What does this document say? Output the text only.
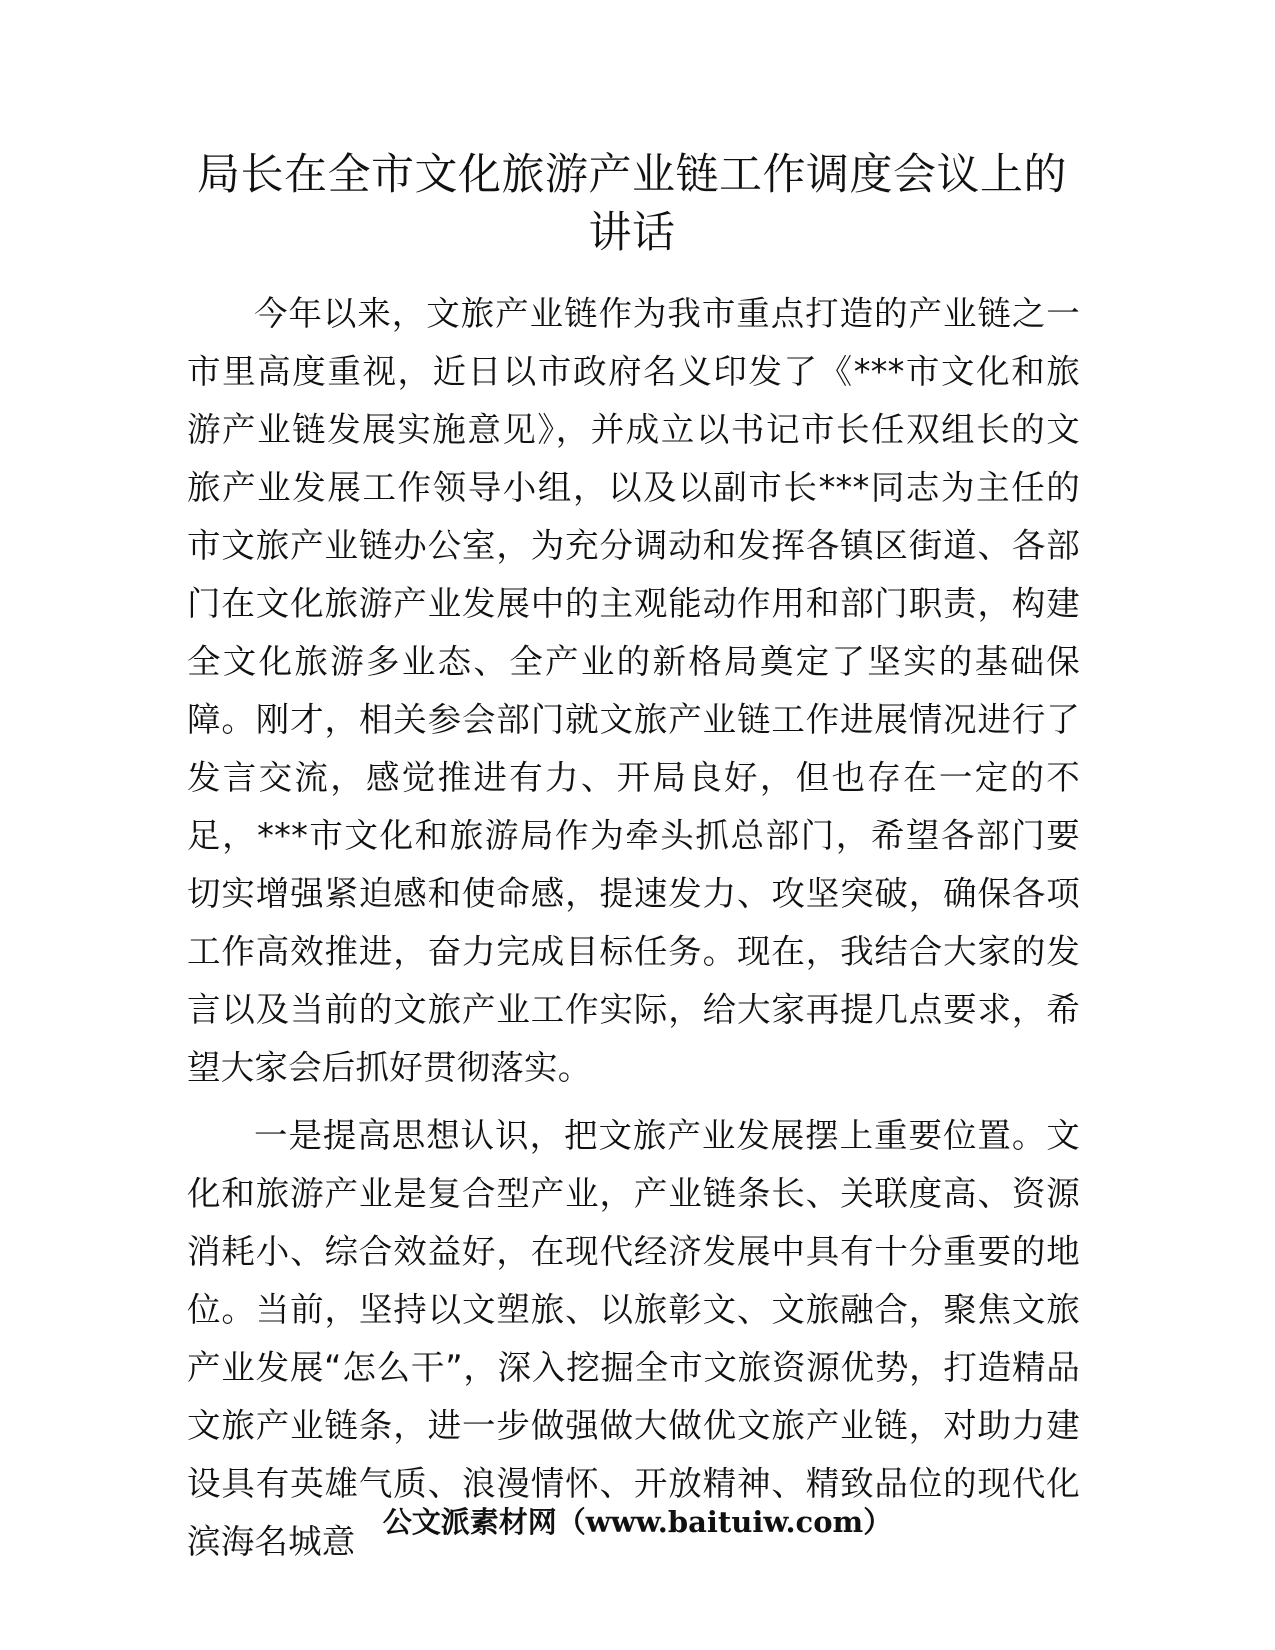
局长在全市文化旅游产业链工作调度会议上的
讲话

今年以来，文旅产业链作为我市重点打造的产业链之一市里高度重视，近日以市政府名义印发了《***市文化和旅游产业链发展实施意见》，并成立以书记市长任双组长的文旅产业发展工作领导小组，以及以副市长***同志为主任的市文旅产业链办公室，为充分调动和发挥各镇区街道、各部门在文化旅游产业发展中的主观能动作用和部门职责，构建全文化旅游多业态、全产业的新格局奠定了坚实的基础保障。刚才，相关参会部门就文旅产业链工作进展情况进行了发言交流，感觉推进有力、开局良好，但也存在一定的不足，***市文化和旅游局作为牵头抓总部门，希望各部门要切实增强紧迫感和使命感，提速发力、攻坚突破，确保各项工作高效推进，奋力完成目标任务。现在，我结合大家的发言以及当前的文旅产业工作实际，给大家再提几点要求，希望大家会后抓好贯彻落实。

一是提高思想认识，把文旅产业发展摆上重要位置。文化和旅游产业是复合型产业，产业链条长、关联度高、资源消耗小、综合效益好，在现代经济发展中具有十分重要的地位。当前，坚持以文塑旅、以旅彰文、文旅融合，聚焦文旅产业发展“怎么干”，深入挖掘全市文旅资源优势，打造精品文旅产业链条，进一步做强做大做优文旅产业链，对助力建设具有英雄气质、浪漫情怀、开放精神、精致品位的现代化滨海名城意 公文派素材网（www.baituiw.com）
